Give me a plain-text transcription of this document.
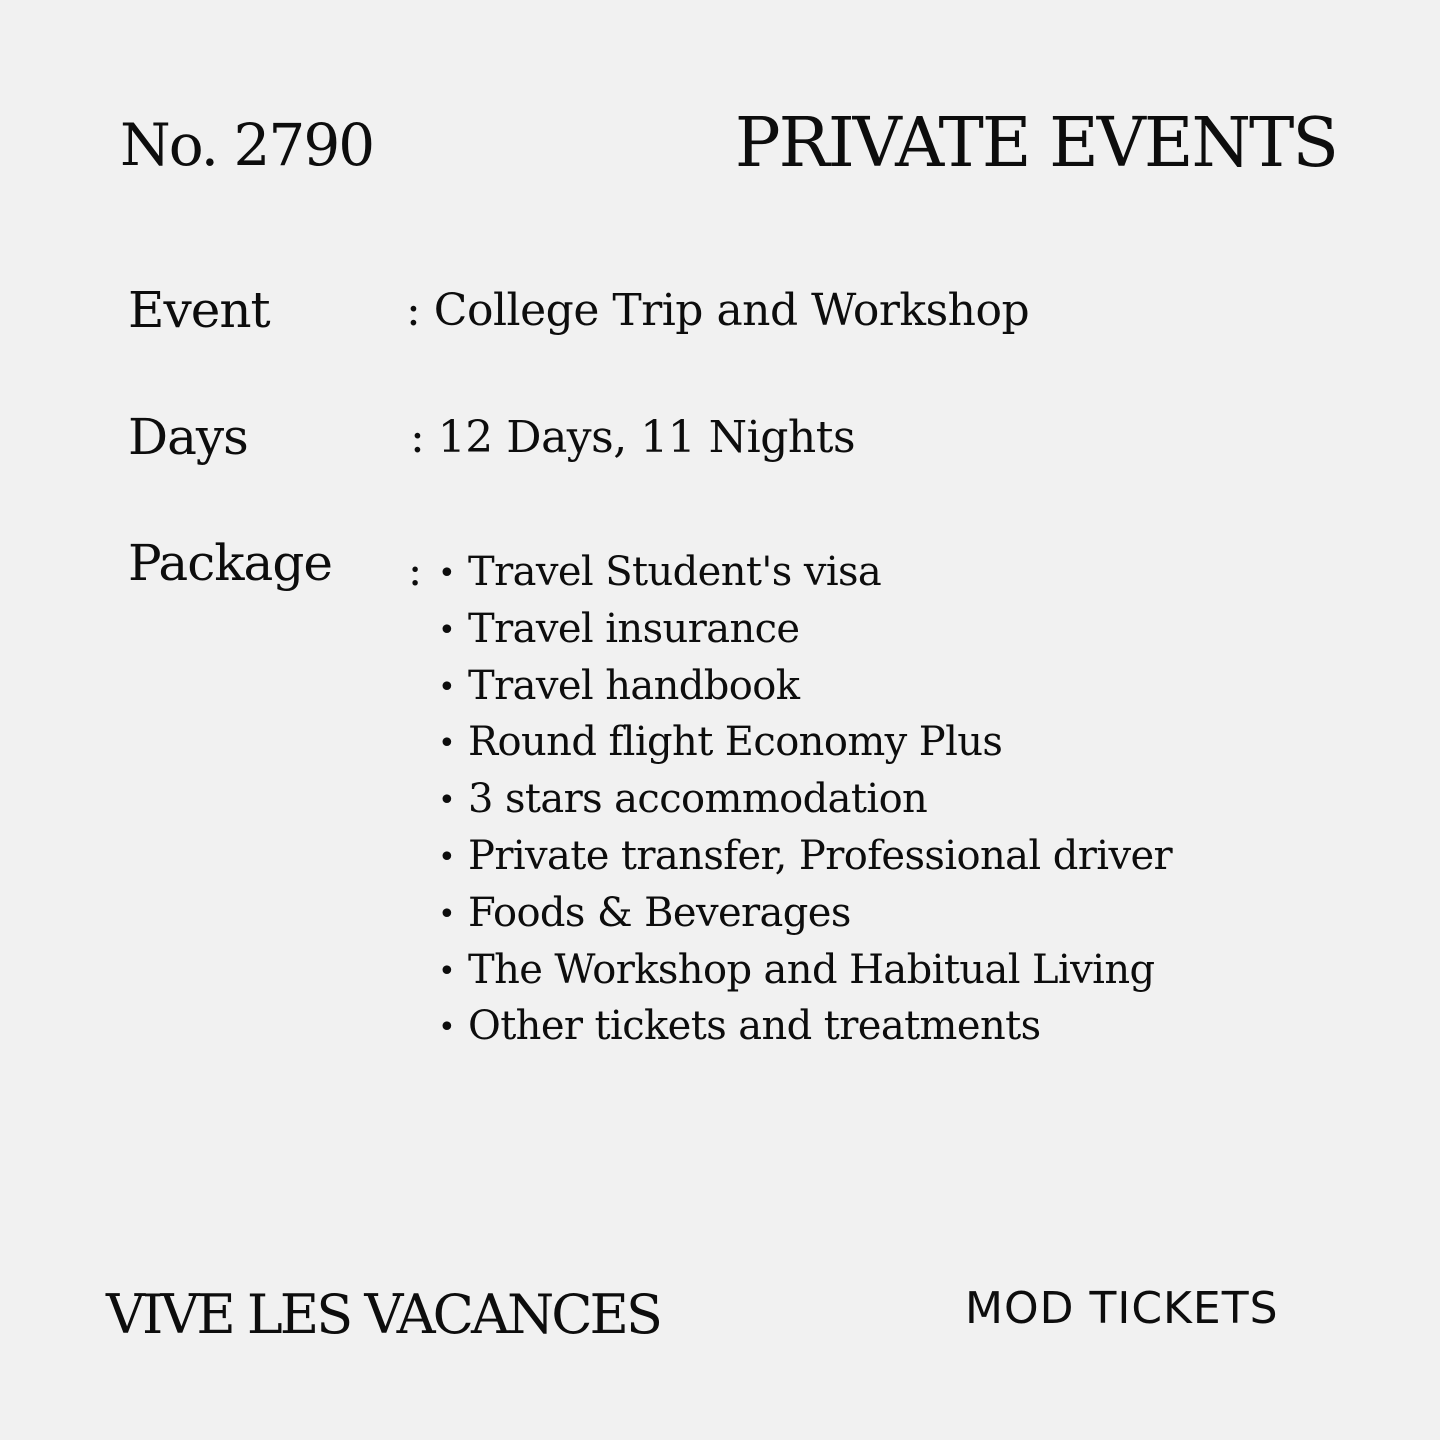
No. 2790	PRIVATE EVENTS
Event	: College Trip and Workshop
Days	: 12 Days, 11 Nights
Package : • Travel Student's visa
• Travel insurance
• Travel handbook
• Round flight Economy Plus
• 3 stars accommodation
• Private transfer, Professional driver
• Foods & Beverages
• The Workshop and Habitual Living
• Other tickets and treatments
VIVE LES VACANCES	MOD TICKETS
